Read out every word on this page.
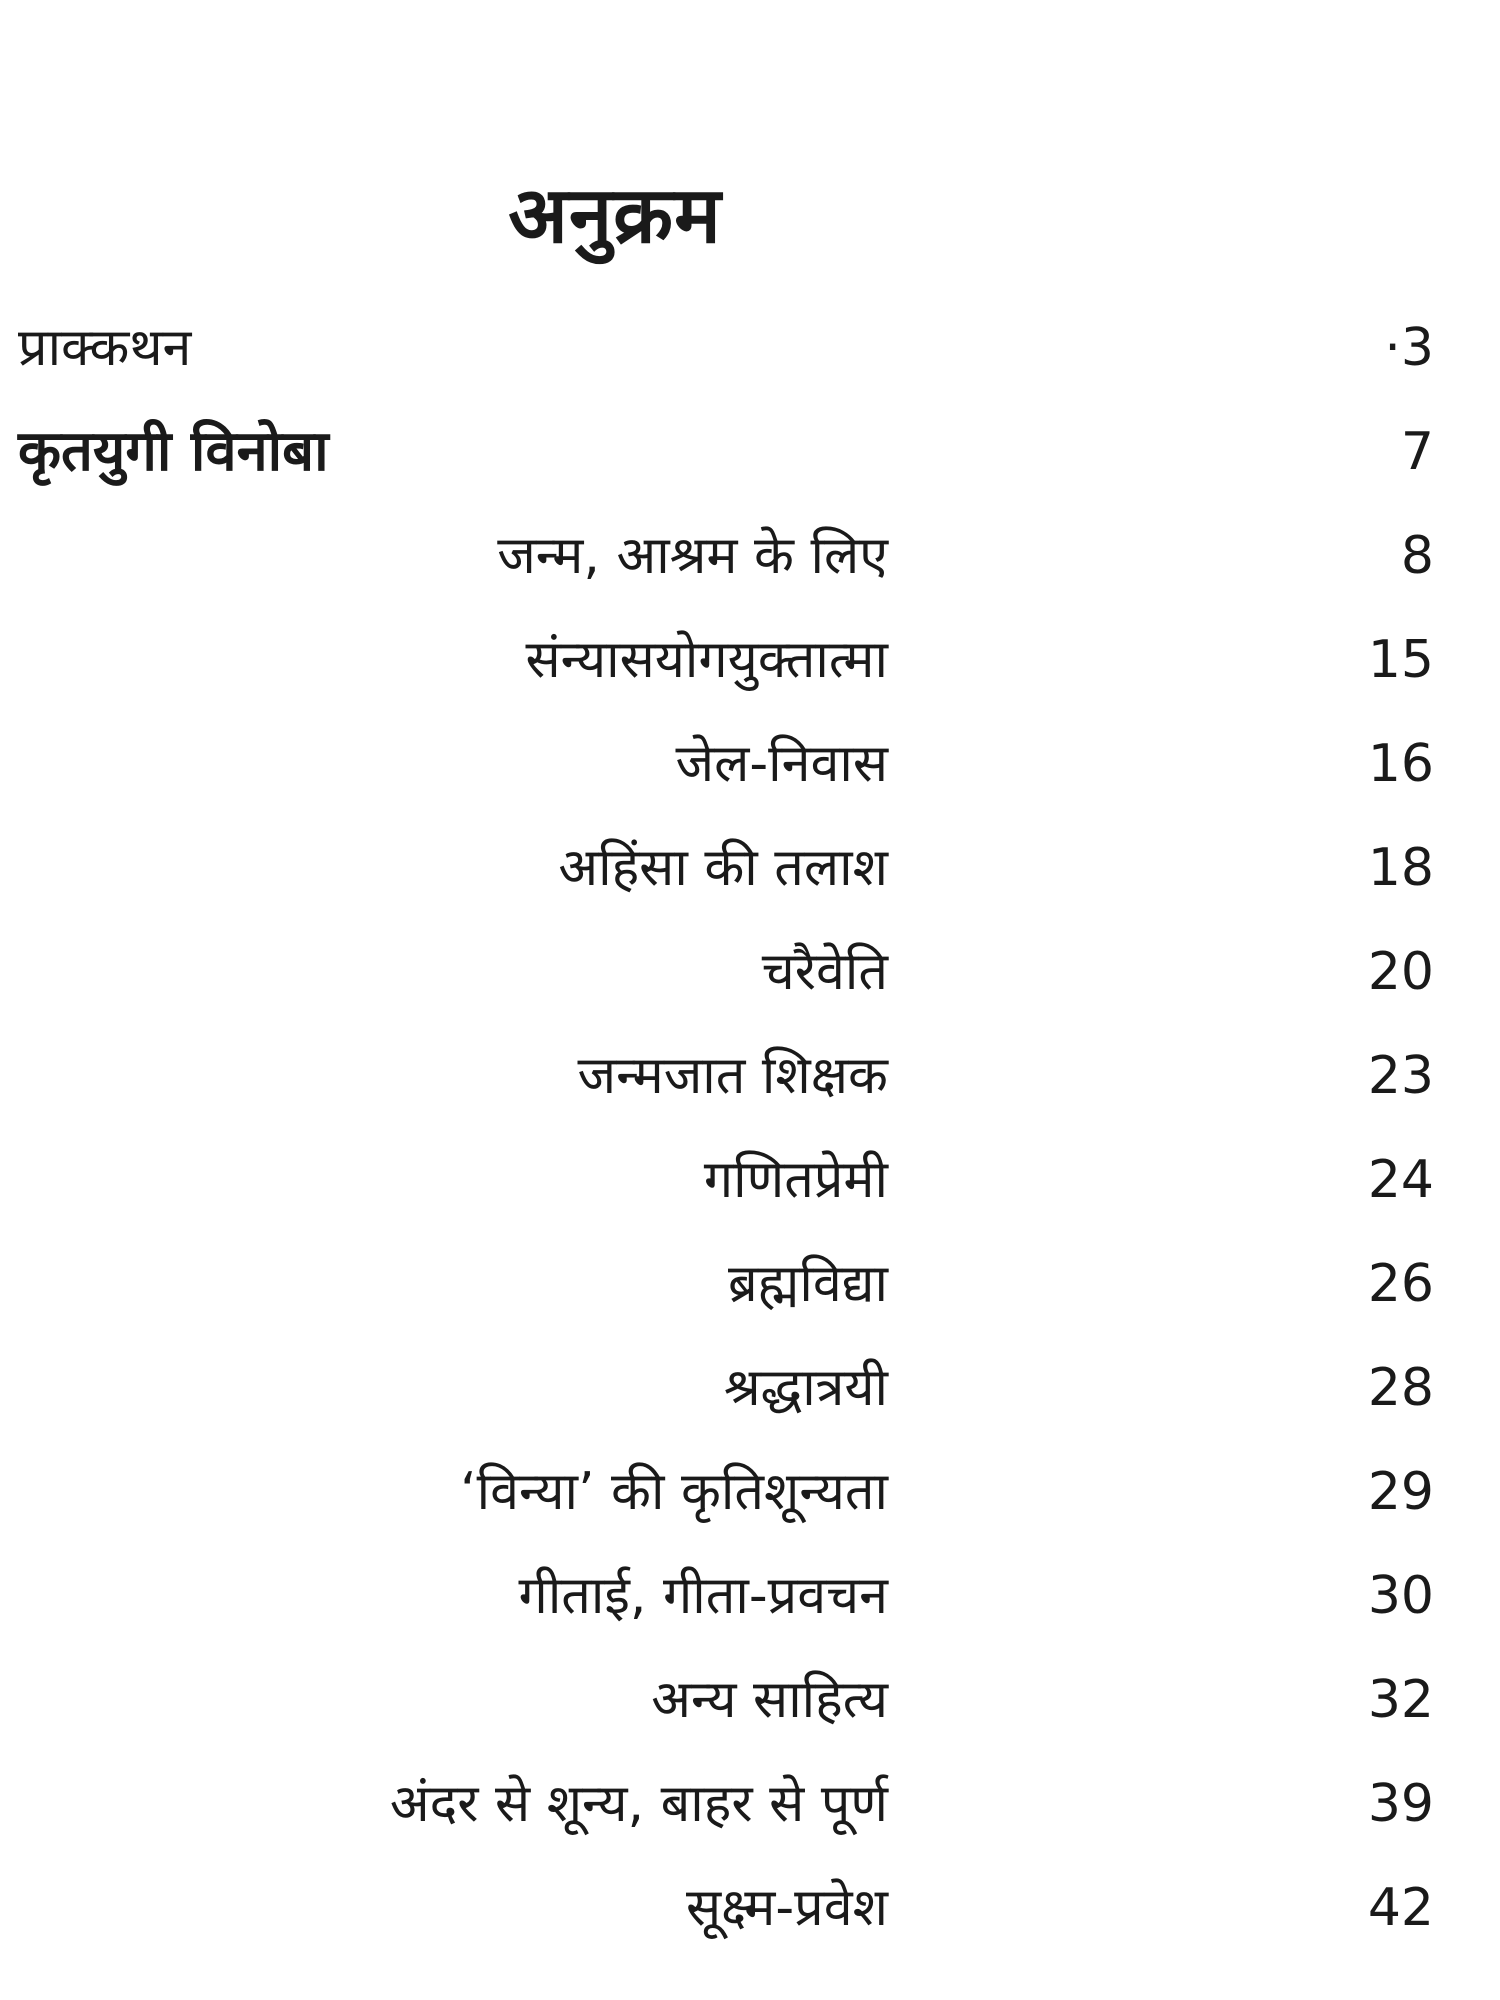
अनुक्रम
प्राक्कथन	·3
कृतयुगी विनोबा	7
जन्म, आश्रम के लिए	8
संन्यासयोगयुक्तात्मा	15
जेल-निवास	16
अहिंसा की तलाश	18
चरैवेति	20
जन्मजात शिक्षक	23
गणितप्रेमी	24
ब्रह्मविद्या	26
श्रद्धात्रयी	28
‘विन्या’ की कृतिशून्यता	29
गीताई, गीता-प्रवचन	30
अन्य साहित्य	32
अंदर से शून्य, बाहर से पूर्ण	39
सूक्ष्म-प्रवेश	42
